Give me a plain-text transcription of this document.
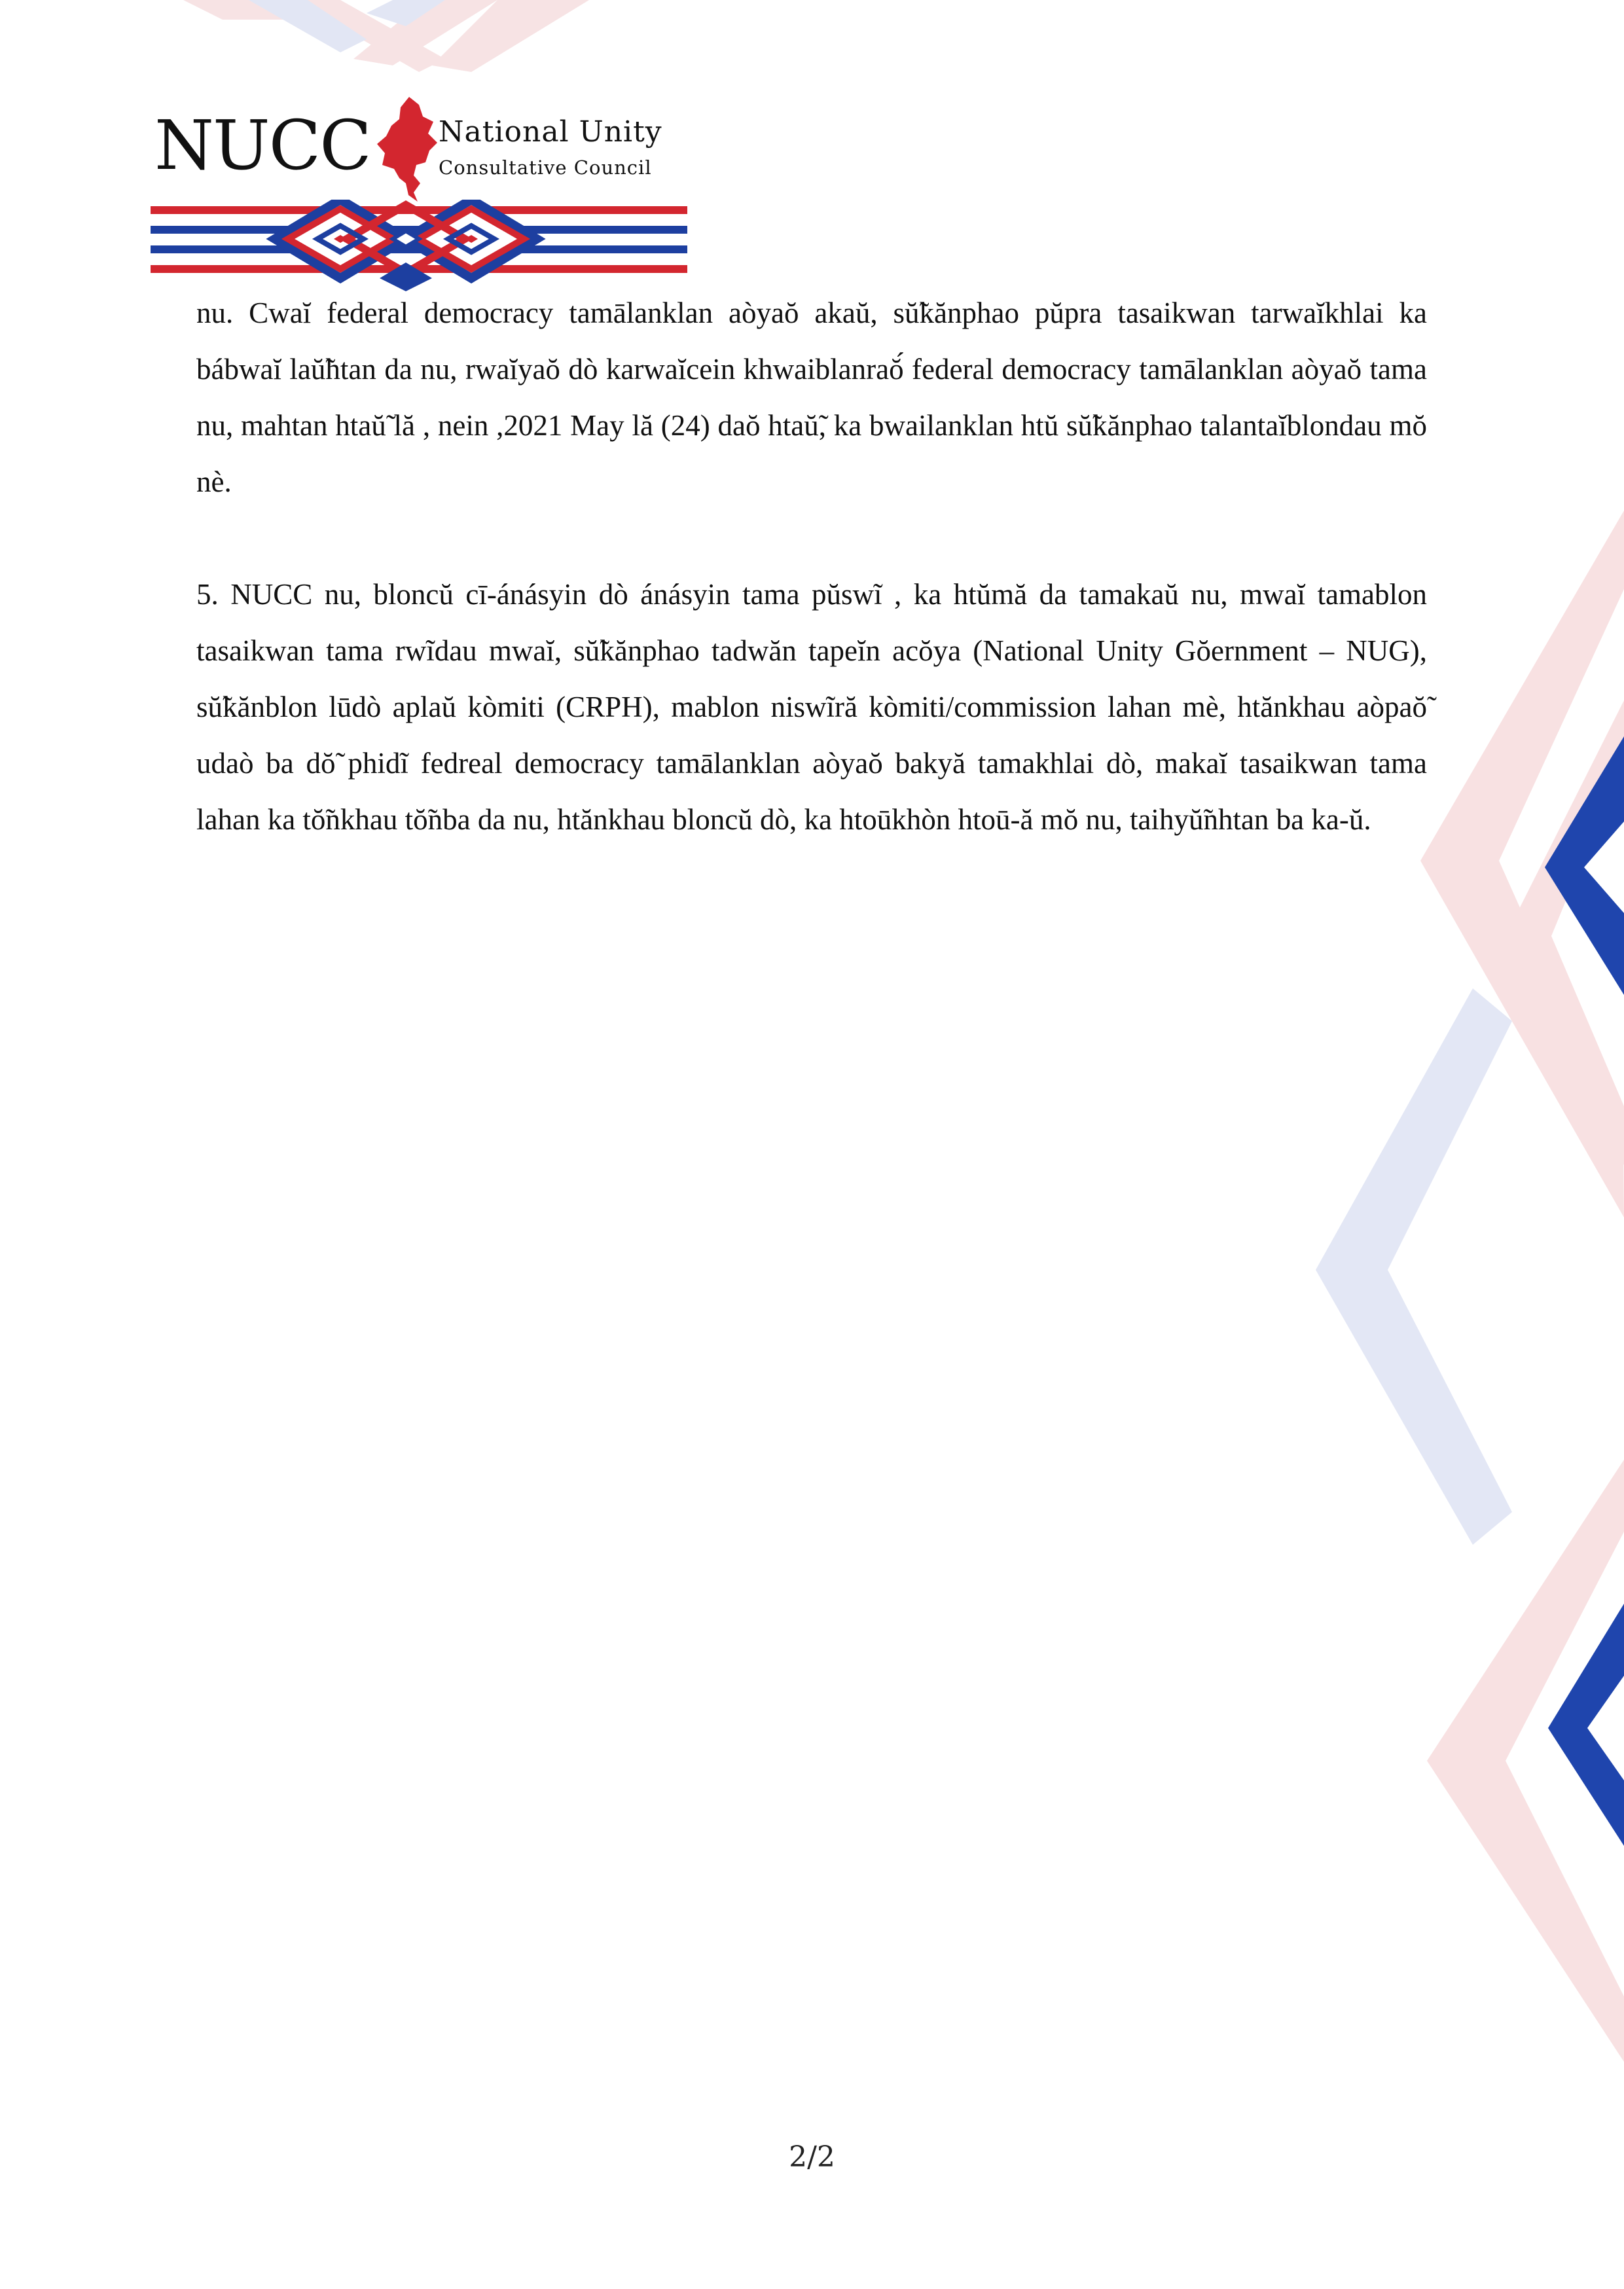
NUCC National Unity
Consultative Council

nu. Cwaĭ federal democracy tamālanklan aòyaŏ akaŭ, sŭ̃kănphao pŭpra tasaikwan tarwaĭkhlai ka bábwaĭ laŭ̃htan da nu, rwaĭyaŏ dò karwaĭcein khwaiblanraŏ́ federal democracy tamālanklan aòyaŏ tama nu, mahtan htaŭ̃ lă , nein ,2021 May lă (24) daŏ htaŭ̃, ka bwailanklan htŭ sŭ̃kănphao talantaĭblondau mŏ nè.

5. NUCC nu, bloncŭ cī-ánásyin dò ánásyin tama pŭswĩ , ka htŭmă da tamakaŭ nu, mwaĭ tamablon tasaikwan tama rwĩdau mwaĭ, sŭ̃kănphao tadwăn tapeĭn acŏya (National Unity Gŏernment – NUG), sŭ̃kănblon lūdò aplaŭ kòmiti (CRPH), mablon niswĩră kòmiti/commission lahan mè, htănkhau aòpaŏ̃ udaò ba dŏ̃ phidĩ fedreal democracy tamālanklan aòyaŏ bakyă tamakhlai dò, makaĭ tasaikwan tama lahan ka tŏ̃nkhau tŏ̃nba da nu, htănkhau bloncŭ dò, ka htoūkhòn htoū-ă mŏ nu, taihyŭ̃nhtan ba ka-ŭ.

2/2
